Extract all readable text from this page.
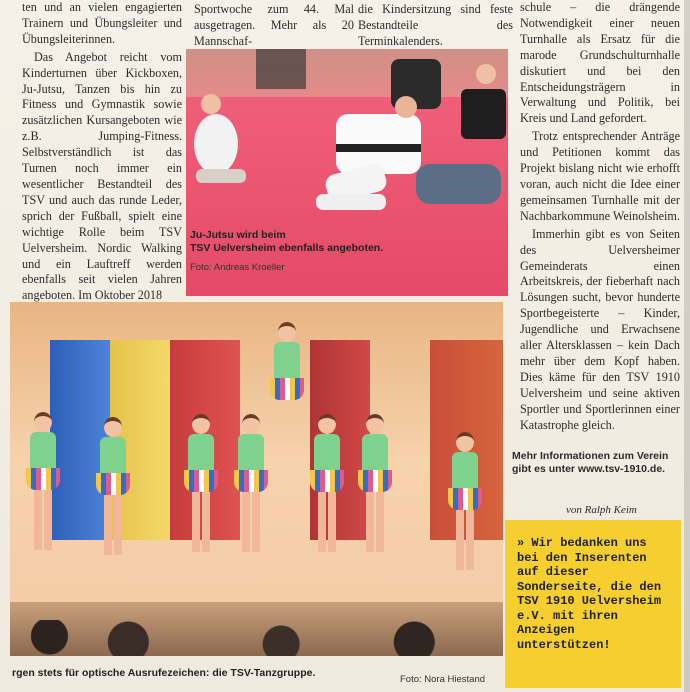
ten und an vielen engagierten Trainern und Übungsleiter und Übungsleiterinnen.

Das Angebot reicht vom Kinderturnen über Kickboxen, Ju-Jutsu, Tanzen bis hin zu Fitness und Gymnastik sowie zusätzlichen Kursangeboten wie z.B. Jumping-Fitness. Selbstverständlich ist das Turnen noch immer ein wesentlicher Bestandteil des TSV und auch das runde Leder, sprich der Fußball, spielt eine wichtige Rolle beim TSV Uelversheim. Nordic Walking und ein Lauftreff werden ebenfalls seit vielen Jahren angeboten. Im Oktober 2018

Sportwoche zum 44. Mal ausgetragen. Mehr als 20 Mannschaf-

die Kindersitzung sind feste Bestandteile des Terminkalenders.

schule – die drängende Notwendigkeit einer neuen Turnhalle als Ersatz für die marode Grundschulturnhalle diskutiert und bei den Entscheidungsträgern in Verwaltung und Politik, bei Kreis und Land gefordert.

Trotz entsprechender Anträge und Petitionen kommt das Projekt bislang nicht wie erhofft voran, auch nicht die Idee einer gemeinsamen Turnhalle mit der Nachbarkommune Weinolsheim.

Immerhin gibt es von Seiten des Uelversheimer Gemeinderats einen Arbeitskreis, der fieberhaft nach Lösungen sucht, bevor hunderte Sportbegeisterte – Kinder, Jugendliche und Erwachsene aller Altersklassen – kein Dach mehr über dem Kopf haben. Dies käme für den TSV 1910 Uelversheim und seine aktiven Sportler und Sportlerinnen einer Katastrophe gleich.

Ju-Jutsu wird beim
TSV Uelversheim ebenfalls angeboten.
Foto: Andreas Kroeller
rgen stets für optische Ausrufezeichen: die TSV-Tanzgruppe.
Foto: Nora Hiestand
Mehr Informationen zum Verein
gibt es unter www.tsv-1910.de.
von Ralph Keim
» Wir bedanken uns bei den Inserenten auf dieser Sonderseite, die den TSV 1910 Uelversheim e.V. mit ihren Anzeigen unterstützen!
